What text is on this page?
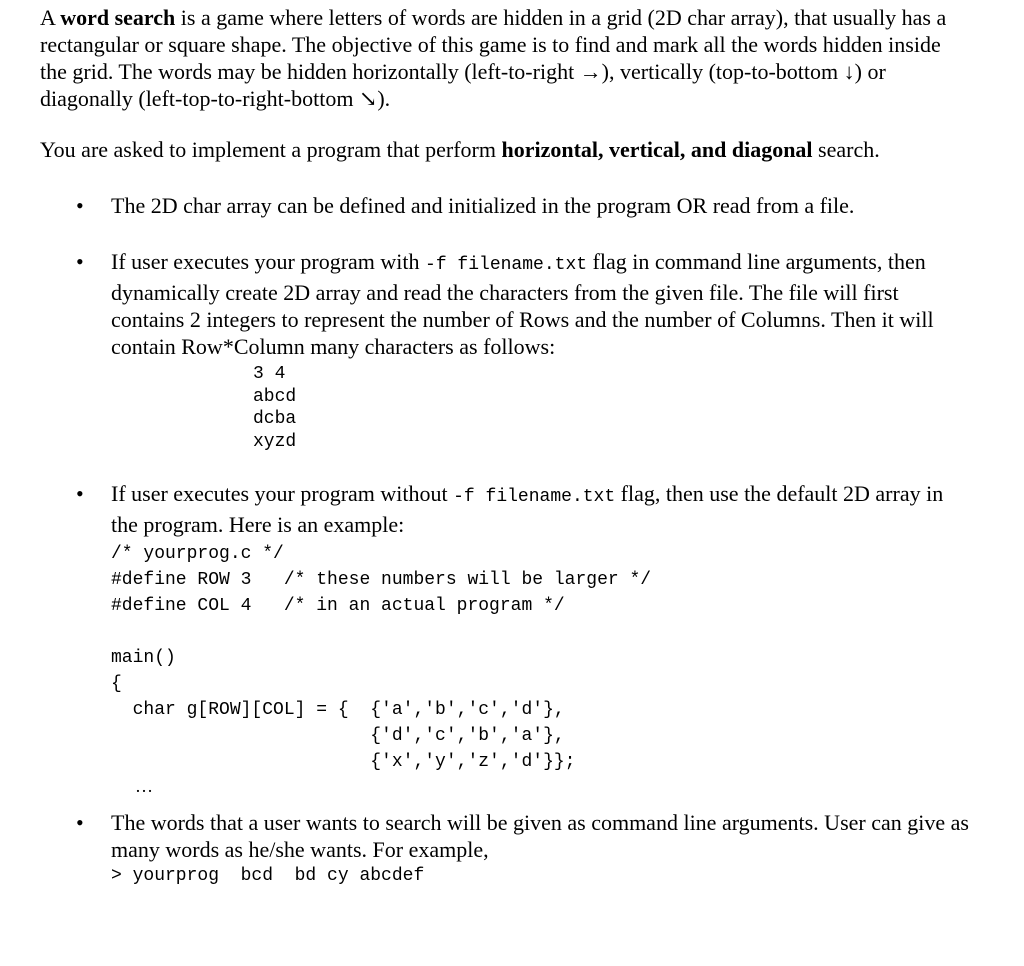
A word search is a game where letters of words are hidden in a grid (2D char array), that usually has a rectangular or square shape. The objective of this game is to find and mark all the words hidden inside the grid. The words may be hidden horizontally (left-to-right →), vertically (top-to-bottom ↓) or diagonally (left-top-to-right-bottom ↘).

You are asked to implement a program that perform horizontal, vertical, and diagonal search.

• The 2D char array can be defined and initialized in the program OR read from a file.
• If user executes your program with -f filename.txt flag in command line arguments, then dynamically create 2D array and read the characters from the given file. The file will first contains 2 integers to represent the number of Rows and the number of Columns. Then it will contain Row*Column many characters as follows:
3 4
abcd
dcba
xyzd
• If user executes your program without -f filename.txt flag, then use the default 2D array in the program. Here is an example:
/* yourprog.c */
#define ROW 3   /* these numbers will be larger */
#define COL 4   /* in an actual program */
main()
{
char g[ROW][COL] = {  {'a','b','c','d'},
{'d','c','b','a'},
{'x','y','z','d'}};
…
• The words that a user wants to search will be given as command line arguments. User can give as many words as he/she wants. For example,
> yourprog  bcd  bd cy abcdef
